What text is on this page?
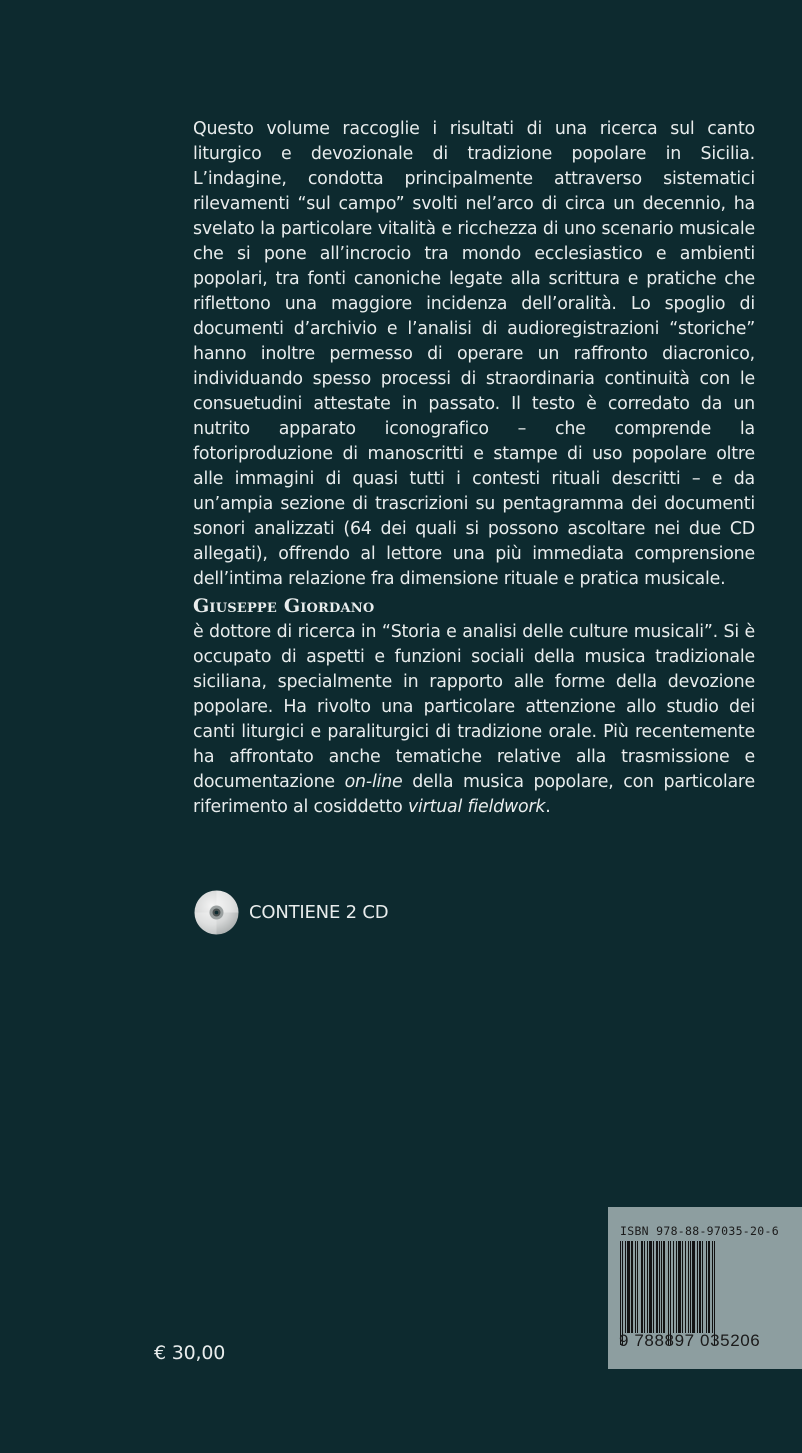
Questo volume raccoglie i risultati di una ricerca sul canto liturgico e devozionale di tradizione popolare in Sicilia. L’indagine, condotta principalmente attraverso sistematici rilevamenti “sul campo” svolti nel’arco di circa un decennio, ha svelato la particolare vitalità e ricchezza di uno scenario musicale che si pone all’incrocio tra mondo ecclesiastico e ambienti popolari, tra fonti canoniche legate alla scrittura e pratiche che riflettono una maggiore incidenza dell’oralità. Lo spoglio di documenti d’archivio e l’analisi di audioregistrazioni “storiche” hanno inoltre permesso di operare un raffronto diacronico, individuando spesso processi di straordinaria continuità con le consuetudini attestate in passato. Il testo è corredato da un nutrito apparato iconografico – che comprende la fotoriproduzione di manoscritti e stampe di uso popolare oltre alle immagini di quasi tutti i contesti rituali descritti – e da un’ampia sezione di trascrizioni su pentagramma dei documenti sonori analizzati (64 dei quali si possono ascoltare nei due CD allegati), offrendo al lettore una più immediata comprensione dell’intima relazione fra dimensione rituale e pratica musicale.

Giuseppe Giordano

è dottore di ricerca in “Storia e analisi delle culture musicali”. Si è occupato di aspetti e funzioni sociali della musica tradizionale siciliana, specialmente in rapporto alle forme della devozione popolare. Ha rivolto una particolare attenzione allo studio dei canti liturgici e paraliturgici di tradizione orale. Più recentemente ha affrontato anche tematiche relative alla trasmissione e documentazione on-line della musica popolare, con particolare riferimento al cosiddetto virtual fieldwork.

CONTIENE 2 CD
€ 30,00
ISBN 978-88-97035-20-6
9 788897 035206
